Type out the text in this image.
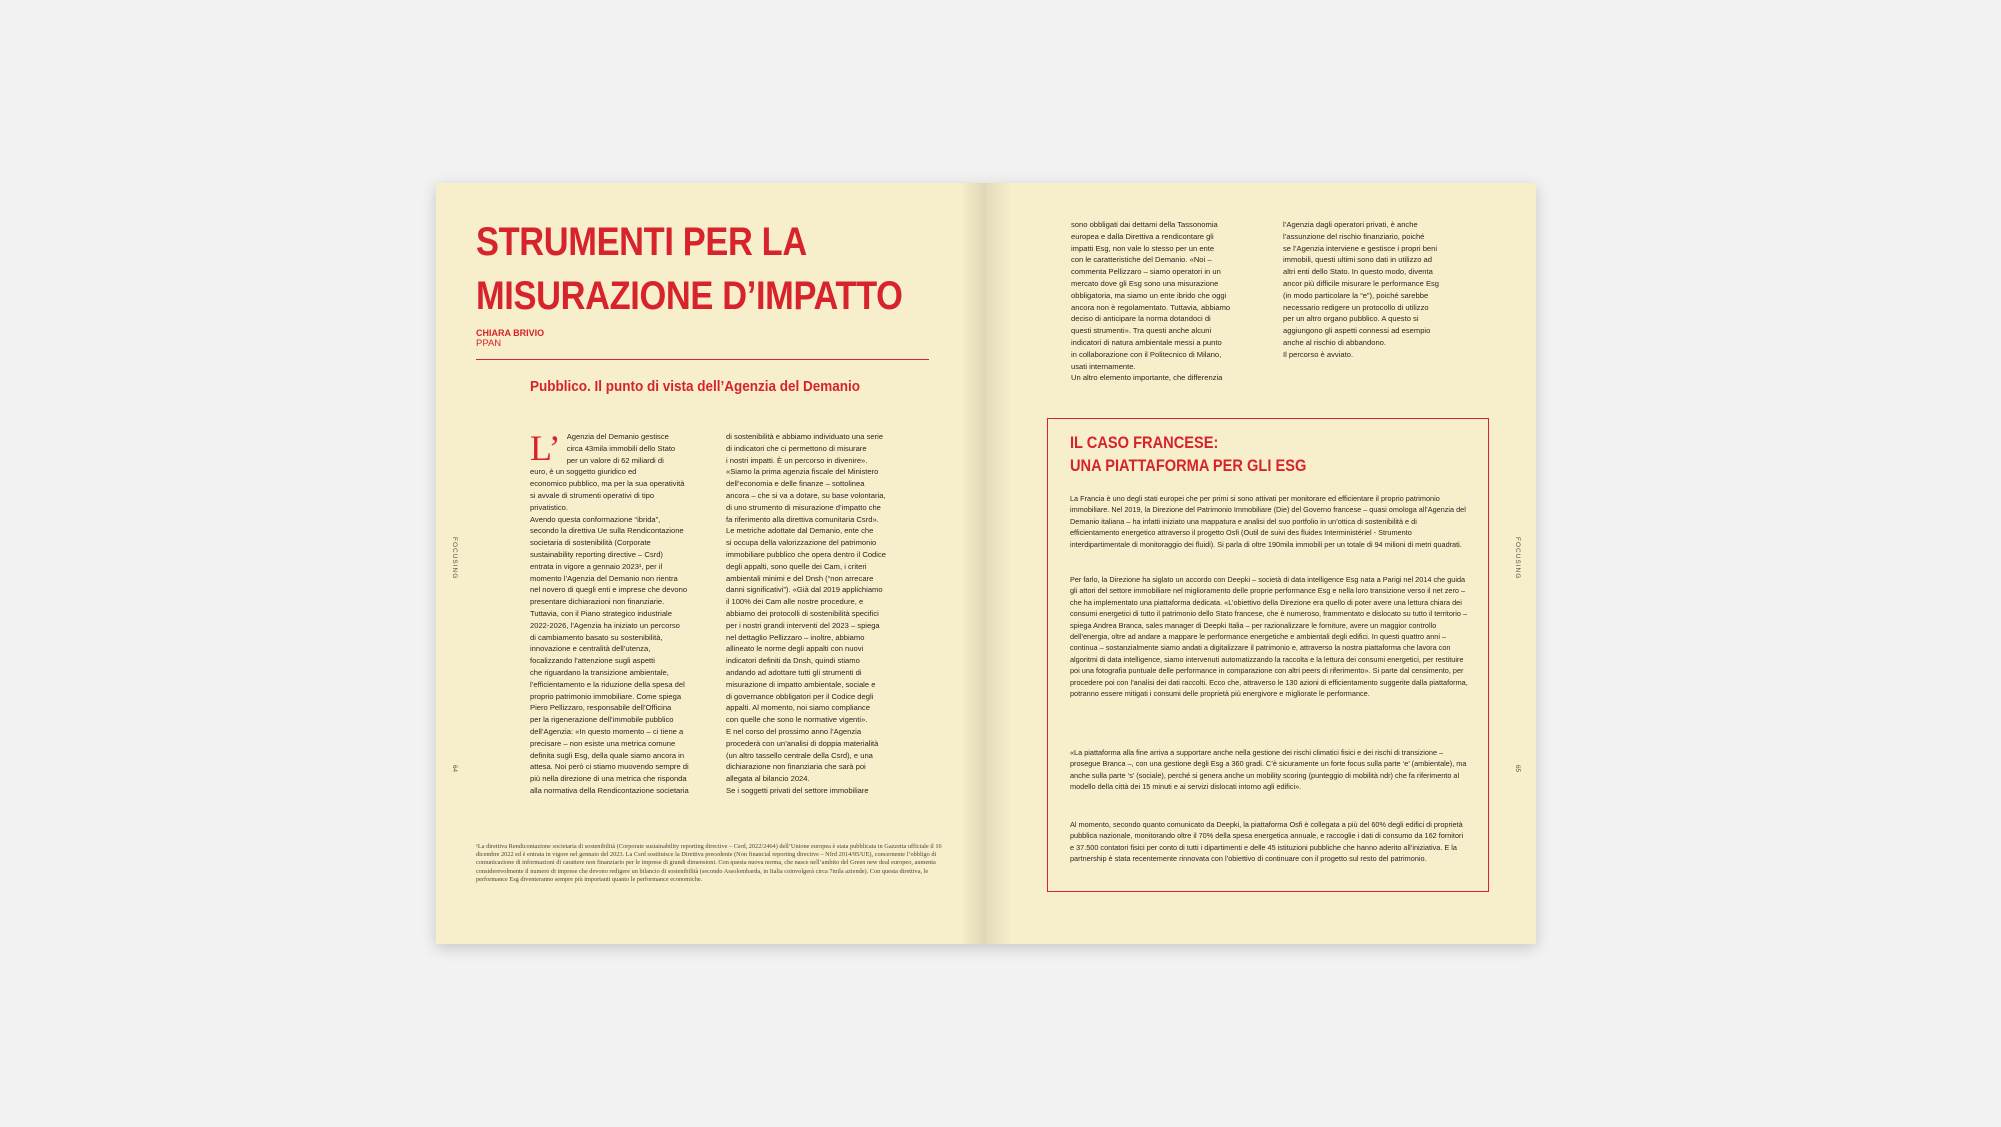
STRUMENTI PER LA
MISURAZIONE D’IMPATTO
CHIARA BRIVIO
PPAN
Pubblico. Il punto di vista dell’Agenzia del Demanio
L’ Agenzia del Demanio gestisce
circa 43mila immobili dello Stato
per un valore di 62 miliardi di
euro, è un soggetto giuridico ed
economico pubblico, ma per la sua operatività
si avvale di strumenti operativi di tipo
privatistico.
Avendo questa conformazione “ibrida”,
secondo la direttiva Ue sulla Rendicontazione
societaria di sostenibilità (Corporate
sustainability reporting directive – Csrd)
entrata in vigore a gennaio 2023¹, per il
momento l’Agenzia del Demanio non rientra
nel novero di quegli enti e imprese che devono
presentare dichiarazioni non finanziarie.
Tuttavia, con il Piano strategico industriale
2022-2026, l’Agenzia ha iniziato un percorso
di cambiamento basato su sostenibilità,
innovazione e centralità dell’utenza,
focalizzando l’attenzione sugli aspetti
che riguardano la transizione ambientale,
l’efficientamento e la riduzione della spesa del
proprio patrimonio immobiliare. Come spiega
Piero Pellizzaro, responsabile dell’Officina
per la rigenerazione dell’immobile pubblico
dell’Agenzia: «In questo momento – ci tiene a
precisare – non esiste una metrica comune
definita sugli Esg, della quale siamo ancora in
attesa. Noi però ci stiamo muovendo sempre di
più nella direzione di una metrica che risponda
alla normativa della Rendicontazione societaria
di sostenibilità e abbiamo individuato una serie
di indicatori che ci permettono di misurare
i nostri impatti. È un percorso in divenire».
«Siamo la prima agenzia fiscale del Ministero
dell’economia e delle finanze – sottolinea
ancora – che si va a dotare, su base volontaria,
di uno strumento di misurazione d’impatto che
fa riferimento alla direttiva comunitaria Csrd».
Le metriche adottate dal Demanio, ente che
si occupa della valorizzazione del patrimonio
immobiliare pubblico che opera dentro il Codice
degli appalti, sono quelle dei Cam, i criteri
ambientali minimi e del Dnsh (“non arrecare
danni significativi”). «Già dal 2019 applichiamo
il 100% dei Cam alle nostre procedure, e
abbiamo dei protocolli di sostenibilità specifici
per i nostri grandi interventi del 2023 – spiega
nel dettaglio Pellizzaro – inoltre, abbiamo
allineato le norme degli appalti con nuovi
indicatori definiti da Dnsh, quindi stiamo
andando ad adottare tutti gli strumenti di
misurazione di impatto ambientale, sociale e
di governance obbligatori per il Codice degli
appalti. Al momento, noi siamo compliance
con quelle che sono le normative vigenti».
E nel corso del prossimo anno l’Agenzia
procederà con un’analisi di doppia materialità
(un altro tassello centrale della Csrd), e una
dichiarazione non finanziaria che sarà poi
allegata al bilancio 2024.
Se i soggetti privati del settore immobiliare
¹La direttiva Rendicontazione societaria di sostenibilità (Corporate sustainability reporting directive – Csrd, 2022/2464) dell’Unione europea è stata pubblicata in Gazzetta ufficiale il 16 dicembre 2022 ed è entrata in vigore nel gennaio del 2023. La Csrd sostituisce la Direttiva precedente (Non financial reporting directive – Nfrd 2014/95/UE), concernente l’obbligo di comunicazione di informazioni di carattere non finanziario per le imprese di grandi dimensioni. Con questa nuova norma, che nasce nell’ambito del Green new deal europeo, aumenta considerevolmente il numero di imprese che devono redigere un bilancio di sostenibilità (secondo Assolombarda, in Italia coinvolgerà circa 7mila aziende). Con questa direttiva, le performance Esg diventeranno sempre più importanti quanto le performance economiche.
FOCUSING
64
sono obbligati dai dettami della Tassonomia
europea e dalla Direttiva a rendicontare gli
impatti Esg, non vale lo stesso per un ente
con le caratteristiche del Demanio. «Noi –
commenta Pellizzaro – siamo operatori in un
mercato dove gli Esg sono una misurazione
obbligatoria, ma siamo un ente ibrido che oggi
ancora non è regolamentato. Tuttavia, abbiamo
deciso di anticipare la norma dotandoci di
questi strumenti». Tra questi anche alcuni
indicatori di natura ambientale messi a punto
in collaborazione con il Politecnico di Milano,
usati internamente.
Un altro elemento importante, che differenzia
l’Agenzia dagli operatori privati, è anche
l’assunzione del rischio finanziario, poiché
se l’Agenzia interviene e gestisce i propri beni
immobili, questi ultimi sono dati in utilizzo ad
altri enti dello Stato. In questo modo, diventa
ancor più difficile misurare le performance Esg
(in modo particolare la “e”), poiché sarebbe
necessario redigere un protocollo di utilizzo
per un altro organo pubblico. A questo si
aggiungono gli aspetti connessi ad esempio
anche al rischio di abbandono.
Il percorso è avviato.
IL CASO FRANCESE:
UNA PIATTAFORMA PER GLI ESG
La Francia è uno degli stati europei che per primi si sono attivati per monitorare ed efficientare il proprio patrimonio immobiliare. Nel 2019, la Direzione del Patrimonio Immobiliare (Die) del Governo francese – quasi omologa all’Agenzia del Demanio italiana – ha infatti iniziato una mappatura e analisi del suo portfolio in un’ottica di sostenibilità e di efficientamento energetico attraverso il progetto Osfi (Outil de suivi des fluides Interministériel - Strumento interdipartimentale di monitoraggio dei fluidi). Si parla di oltre 190mila immobili per un totale di 94 milioni di metri quadrati.
Per farlo, la Direzione ha siglato un accordo con Deepki – società di data intelligence Esg nata a Parigi nel 2014 che guida gli attori del settore immobiliare nel miglioramento delle proprie performance Esg e nella loro transizione verso il net zero – che ha implementato una piattaforma dedicata. «L’obiettivo della Direzione era quello di poter avere una lettura chiara dei consumi energetici di tutto il patrimonio dello Stato francese, che è numeroso, frammentato e dislocato su tutto il territorio – spiega Andrea Branca, sales manager di Deepki Italia – per razionalizzare le forniture, avere un maggior controllo dell’energia, oltre ad andare a mappare le performance energetiche e ambientali degli edifici. In questi quattro anni – continua – sostanzialmente siamo andati a digitalizzare il patrimonio e, attraverso la nostra piattaforma che lavora con algoritmi di data intelligence, siamo intervenuti automatizzando la raccolta e la lettura dei consumi energetici, per restituire poi una fotografia puntuale delle performance in comparazione con altri peers di riferimento». Si parte dal censimento, per procedere poi con l’analisi dei dati raccolti. Ecco che, attraverso le 130 azioni di efficientamento suggerite dalla piattaforma, potranno essere mitigati i consumi delle proprietà più energivore e migliorate le performance.
«La piattaforma alla fine arriva a supportare anche nella gestione dei rischi climatici fisici e dei rischi di transizione – prosegue Branca –, con una gestione degli Esg a 360 gradi. C’è sicuramente un forte focus sulla parte ‘e’ (ambientale), ma anche sulla parte ‘s’ (sociale), perché si genera anche un mobility scoring (punteggio di mobilità ndr) che fa riferimento al modello della città dei 15 minuti e ai servizi dislocati intorno agli edifici».
Al momento, secondo quanto comunicato da Deepki, la piattaforma Osfi è collegata a più del 60% degli edifici di proprietà pubblica nazionale, monitorando oltre il 70% della spesa energetica annuale, e raccoglie i dati di consumo da 162 fornitori e 37.500 contatori fisici per conto di tutti i dipartimenti e delle 45 istituzioni pubbliche che hanno aderito all’iniziativa. E la partnership è stata recentemente rinnovata con l’obiettivo di continuare con il progetto sul resto del patrimonio.
FOCUSING
65
